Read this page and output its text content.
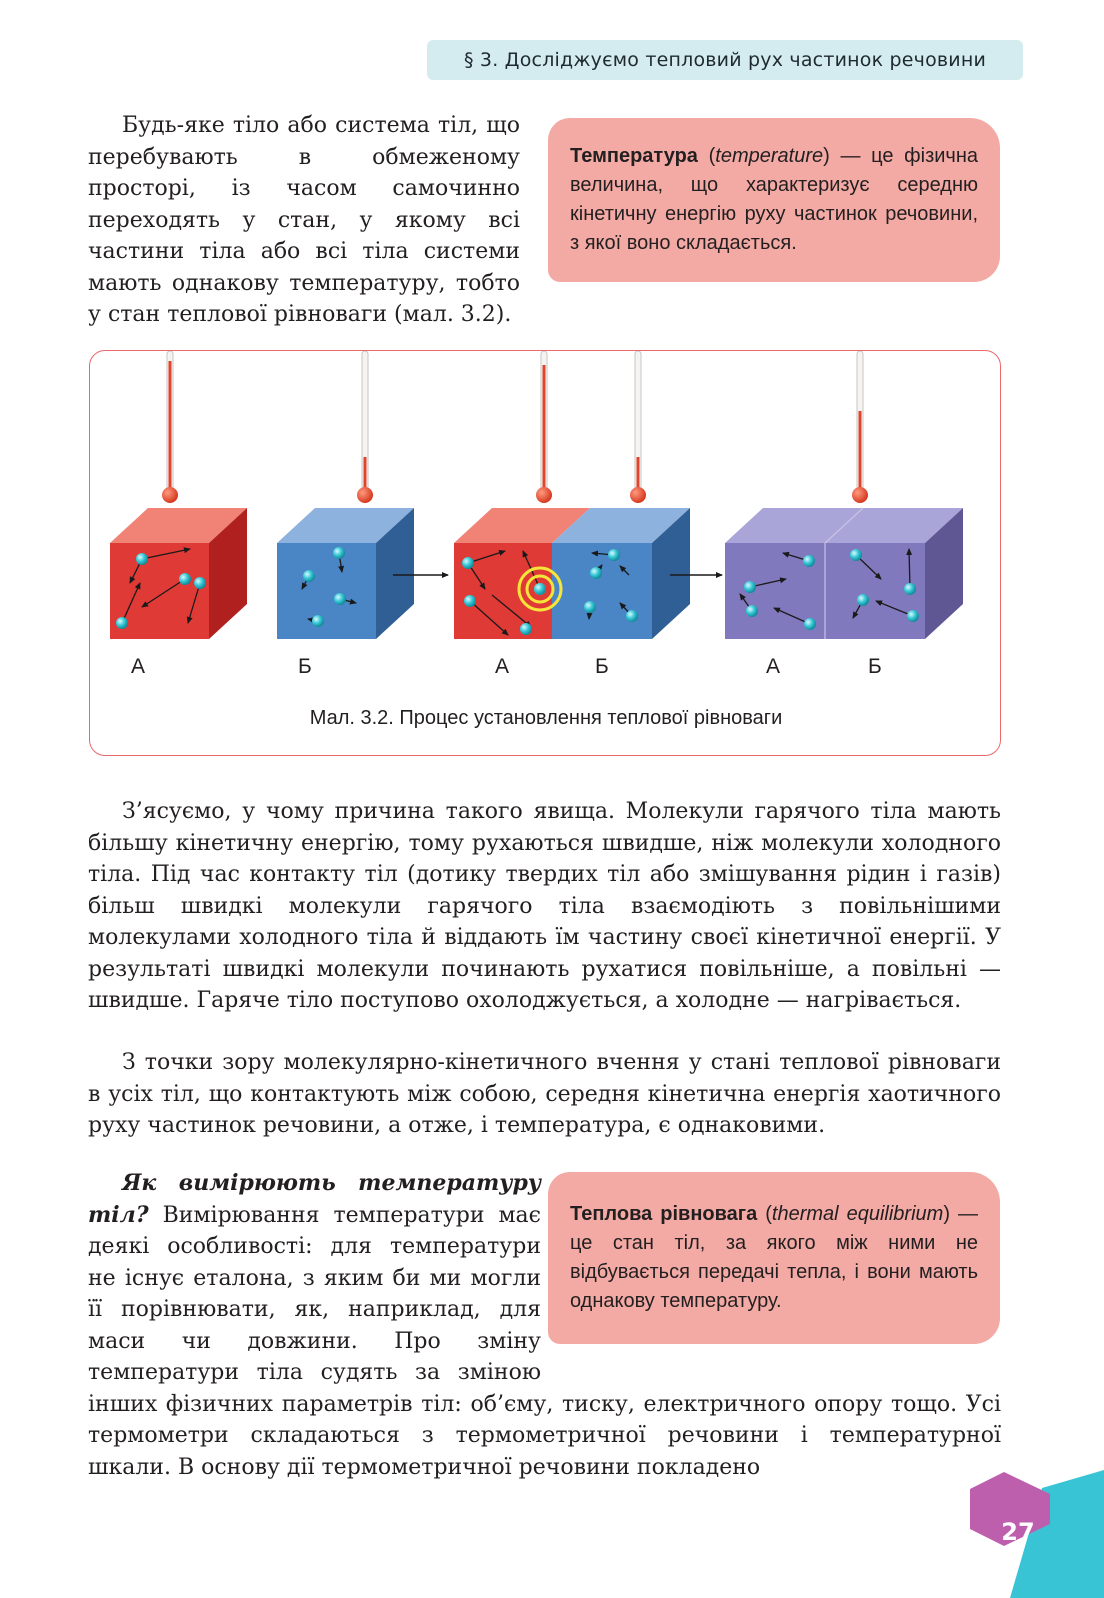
§ 3. Досліджуємо тепловий рух частинок речовини

Будь-яке тіло або система тіл, що перебувають в обмеженому просторі, із часом самочинно переходять у стан, у якому всі частини тіла або всі тіла системи мають однакову температуру, тобто у стан теплової рівноваги (мал. 3.2).

Температура (temperature) — це фізична величина, що характеризує середню кінетичну енергію руху частинок речовини, з якої воно складається.

А	Б	А	Б	А	Б
Мал. 3.2. Процес установлення теплової рівноваги

З’ясуємо, у чому причина такого явища. Молекули гарячого тіла мають більшу кінетичну енергію, тому рухаються швидше, ніж молекули холодного тіла. Під час контакту тіл (дотику твердих тіл або змішування рідин і газів) більш швидкі молекули гарячого тіла взаємодіють з повільнішими молекулами холодного тіла й віддають їм частину своєї кінетичної енергії. У результаті швидкі молекули починають рухатися повільніше, а повільні — швидше. Гаряче тіло поступово охолоджується, а холодне — нагрівається.

З точки зору молекулярно-кінетичного вчення у стані теплової рівноваги в усіх тіл, що контактують між собою, середня кінетична енергія хаотичного руху частинок речовини, а отже, і температура, є однаковими.

Теплова рівновага (thermal equilibrium) — це стан тіл, за якого між ними не відбувається передачі тепла, і вони мають однакову температуру.

Як вимірюють температуру тіл? Вимірювання температури має деякі особливості: для температури не існує еталона, з яким би ми могли її порівнювати, як, наприклад, для маси чи довжини. Про зміну температури тіла судять за зміною інших фізичних параметрів тіл: об’єму, тиску, електричного опору тощо. Усі термометри складаються з термометричної речовини і температурної шкали. В основу дії термометричної речовини покладено
27
